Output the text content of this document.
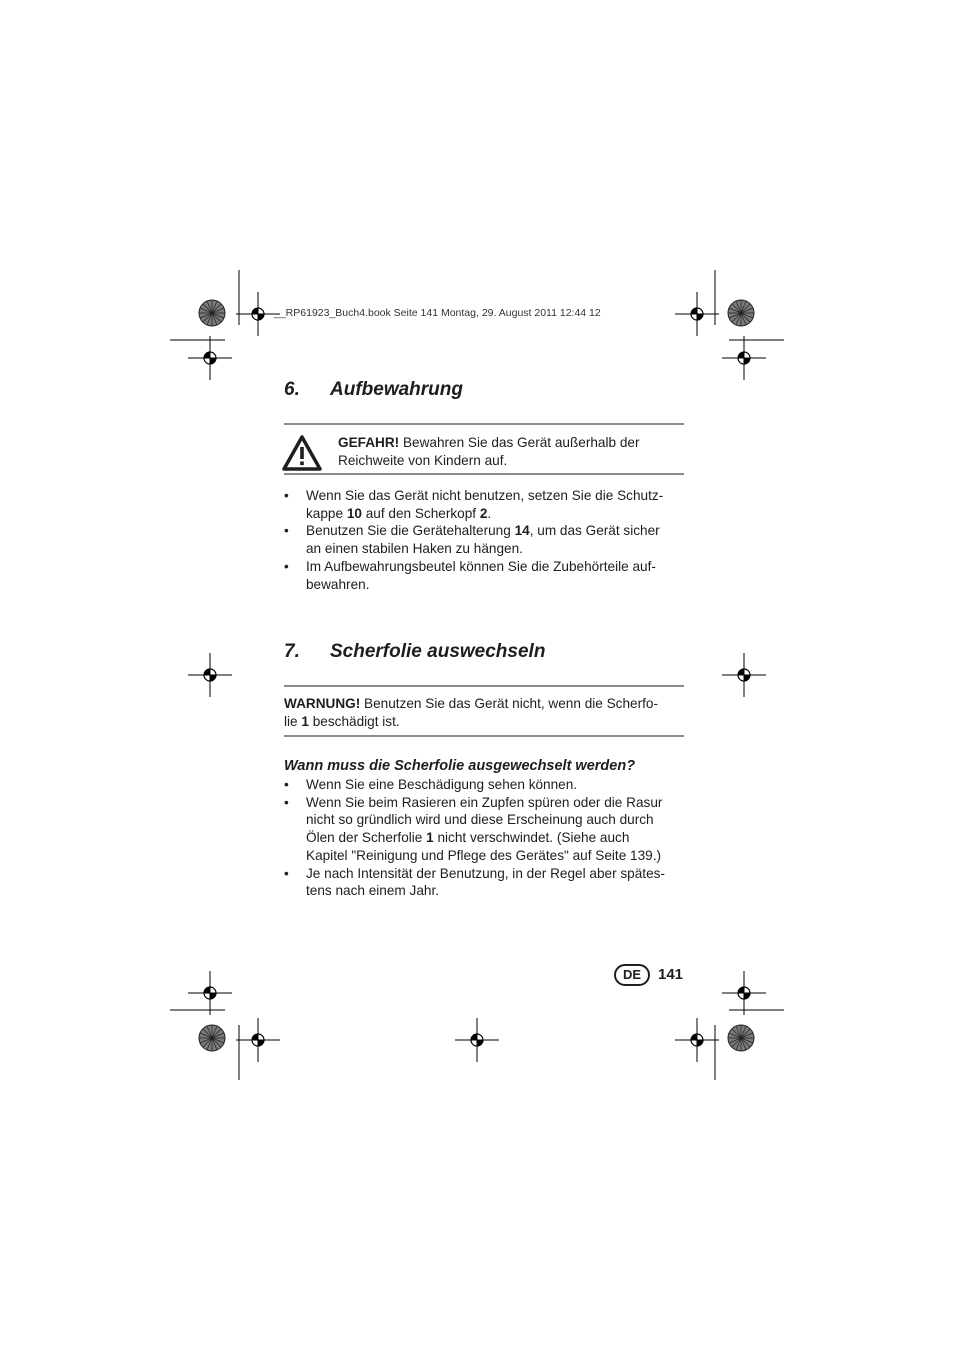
__RP61923_Buch4.book Seite 141 Montag, 29. August 2011 12:44 12
6. Aufbewahrung
GEFAHR! Bewahren Sie das Gerät außerhalb der
Reichweite von Kindern auf.
• Wenn Sie das Gerät nicht benutzen, setzen Sie die Schutz-
kappe 10 auf den Scherkopf 2.
• Benutzen Sie die Gerätehalterung 14, um das Gerät sicher
an einen stabilen Haken zu hängen.
• Im Aufbewahrungsbeutel können Sie die Zubehörteile auf-
bewahren.
7. Scherfolie auswechseln
WARNUNG! Benutzen Sie das Gerät nicht, wenn die Scherfo-
lie 1 beschädigt ist.
Wann muss die Scherfolie ausgewechselt werden?
• Wenn Sie eine Beschädigung sehen können.
• Wenn Sie beim Rasieren ein Zupfen spüren oder die Rasur
nicht so gründlich wird und diese Erscheinung auch durch
Ölen der Scherfolie 1 nicht verschwindet. (Siehe auch
Kapitel "Reinigung und Pflege des Gerätes" auf Seite 139.)
• Je nach Intensität der Benutzung, in der Regel aber spätes-
tens nach einem Jahr.
DE	141
